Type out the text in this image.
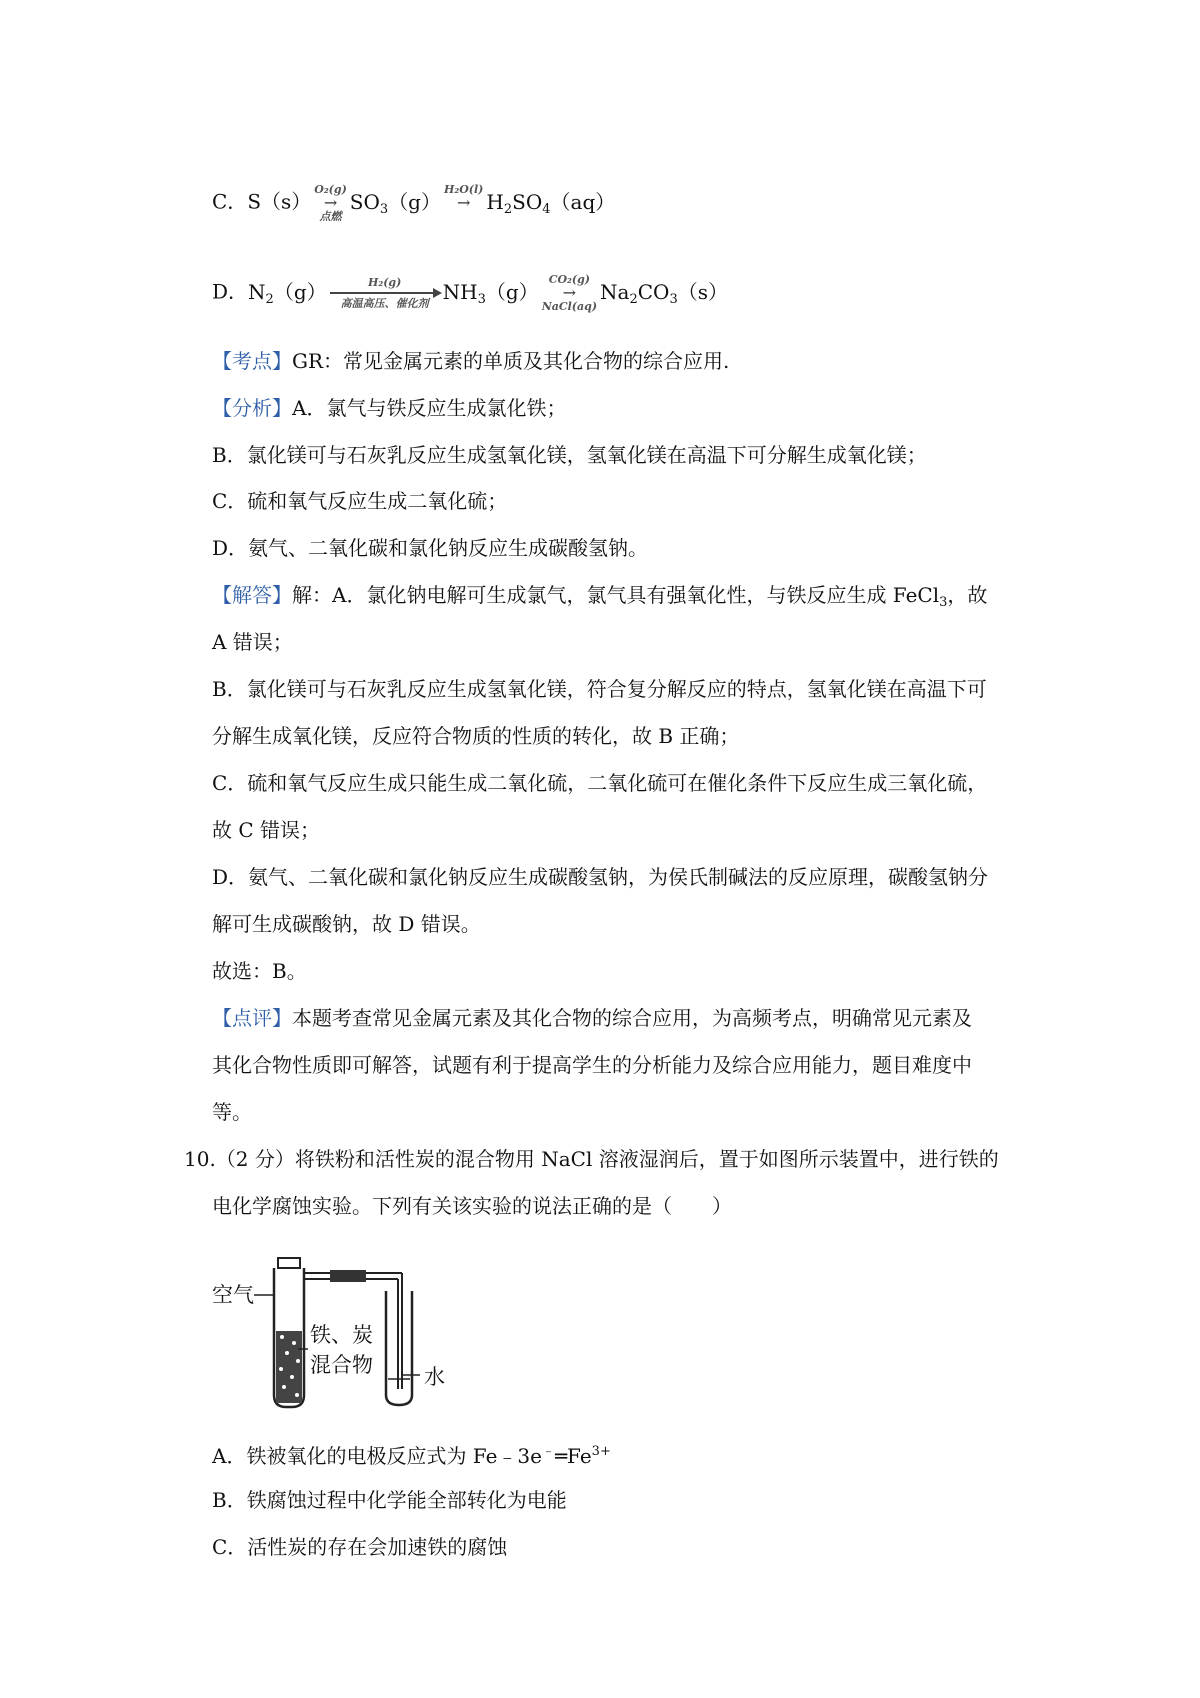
C．S（s） O₂(g)
→
点燃
$SO_3(g)$ H₂O(l)
→
$H_2SO_4(aq)$
D．$N_2(g)$	H₂(g)
高温高压、催化剂 $NH_3(g)$ CO₂(g)
→
NaCl(aq)
$Na_2CO_3(s)$
【考点】GR：常见金属元素的单质及其化合物的综合应用.
【分析】A．氯气与铁反应生成氯化铁；
B．氯化镁可与石灰乳反应生成氢氧化镁，氢氧化镁在高温下可分解生成氧化镁；
C．硫和氧气反应生成二氧化硫；
D．氨气、二氧化碳和氯化钠反应生成碳酸氢钠。
【解答】解：A．氯化钠电解可生成氯气，氯气具有强氧化性，与铁反应生成 FeCl$_3$，故
A 错误；
B．氯化镁可与石灰乳反应生成氢氧化镁，符合复分解反应的特点，氢氧化镁在高温下可
分解生成氧化镁，反应符合物质的性质的转化，故 B 正确；
C．硫和氧气反应生成只能生成二氧化硫，二氧化硫可在催化条件下反应生成三氧化硫，
故 C 错误；
D．氨气、二氧化碳和氯化钠反应生成碳酸氢钠，为侯氏制碱法的反应原理，碳酸氢钠分
解可生成碳酸钠，故 D 错误。
故选：B。
【点评】本题考查常见金属元素及其化合物的综合应用，为高频考点，明确常见元素及
其化合物性质即可解答，试题有利于提高学生的分析能力及综合应用能力，题目难度中
等。
10.（2 分）将铁粉和活性炭的混合物用 NaCl 溶液湿润后，置于如图所示装置中，进行铁的
电化学腐蚀实验。下列有关该实验的说法正确的是（　　）
空气
铁、炭
混合物 水
A．铁被氧化的电极反应式为 $Fe﹣3e^﹣═Fe^{3+}$
B．铁腐蚀过程中化学能全部转化为电能
C．活性炭的存在会加速铁的腐蚀
